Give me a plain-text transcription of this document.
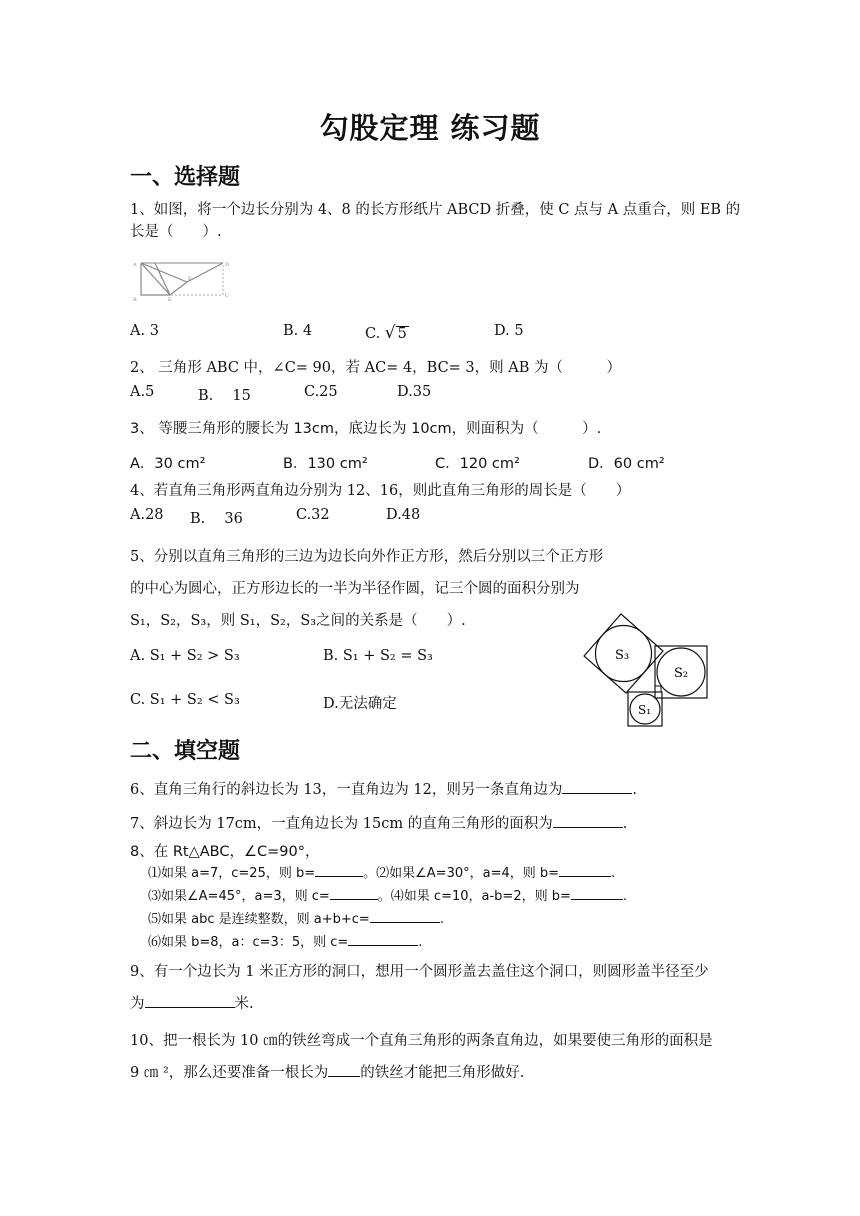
勾股定理 练习题
一、选择题
1、如图，将一个边长分别为 4、8 的长方形纸片 ABCD 折叠，使 C 点与 A 点重合，则 EB 的
长是（　　）.
A	D
C
B	E
F
A. 3	B. 4	C. √ 5	D. 5
2、 三角形 ABC 中，∠C= 90，若 AC= 4，BC= 3，则 AB 为（　　　）
A.5	B.　 15	C.25	D.35
3、 等腰三角形的腰长为 13cm，底边长为 10cm，则面积为（　　　）.
A．30 cm²	B．130 cm²	C．120 cm²	D．60 cm²
4、若直角三角形两直角边分别为 12、16，则此直角三角形的周长是（　　）
A.28 B.　 36	C.32	D.48
5、分别以直角三角形的三边为边长向外作正方形，然后分别以三个正方形
的中心为圆心，正方形边长的一半为半径作圆，记三个圆的面积分别为
S₁，S₂，S₃，则 S₁，S₂，S₃之间的关系是（　　）.
A. S₁ + S₂ > S₃	B. S₁ + S₂ = S₃
C. S₁ + S₂ < S₃	D.无法确定
S₃
S₂
S₁
二、填空题
6、直角三角行的斜边长为 13，一直角边为 12，则另一条直角边为	.
7、斜边长为 17cm，一直角边长为 15cm 的直角三角形的面积为	.
8、在 Rt△ABC，∠C=90°，
⑴如果 a=7，c=25，则 b=	。⑵如果∠A=30°，a=4，则 b=	.
⑶如果∠A=45°，a=3，则 c=	。⑷如果 c=10，a-b=2，则 b=	.
⑸如果 abc 是连续整数，则 a+b+c=	.
⑹如果 b=8，a：c=3：5，则 c=	.
9、有一个边长为 1 米正方形的洞口，想用一个圆形盖去盖住这个洞口，则圆形盖半径至少
为	米.
10、把一根长为 10 ㎝的铁丝弯成一个直角三角形的两条直角边，如果要使三角形的面积是
9 ㎝ ²，那么还要准备一根长为 的铁丝才能把三角形做好.
